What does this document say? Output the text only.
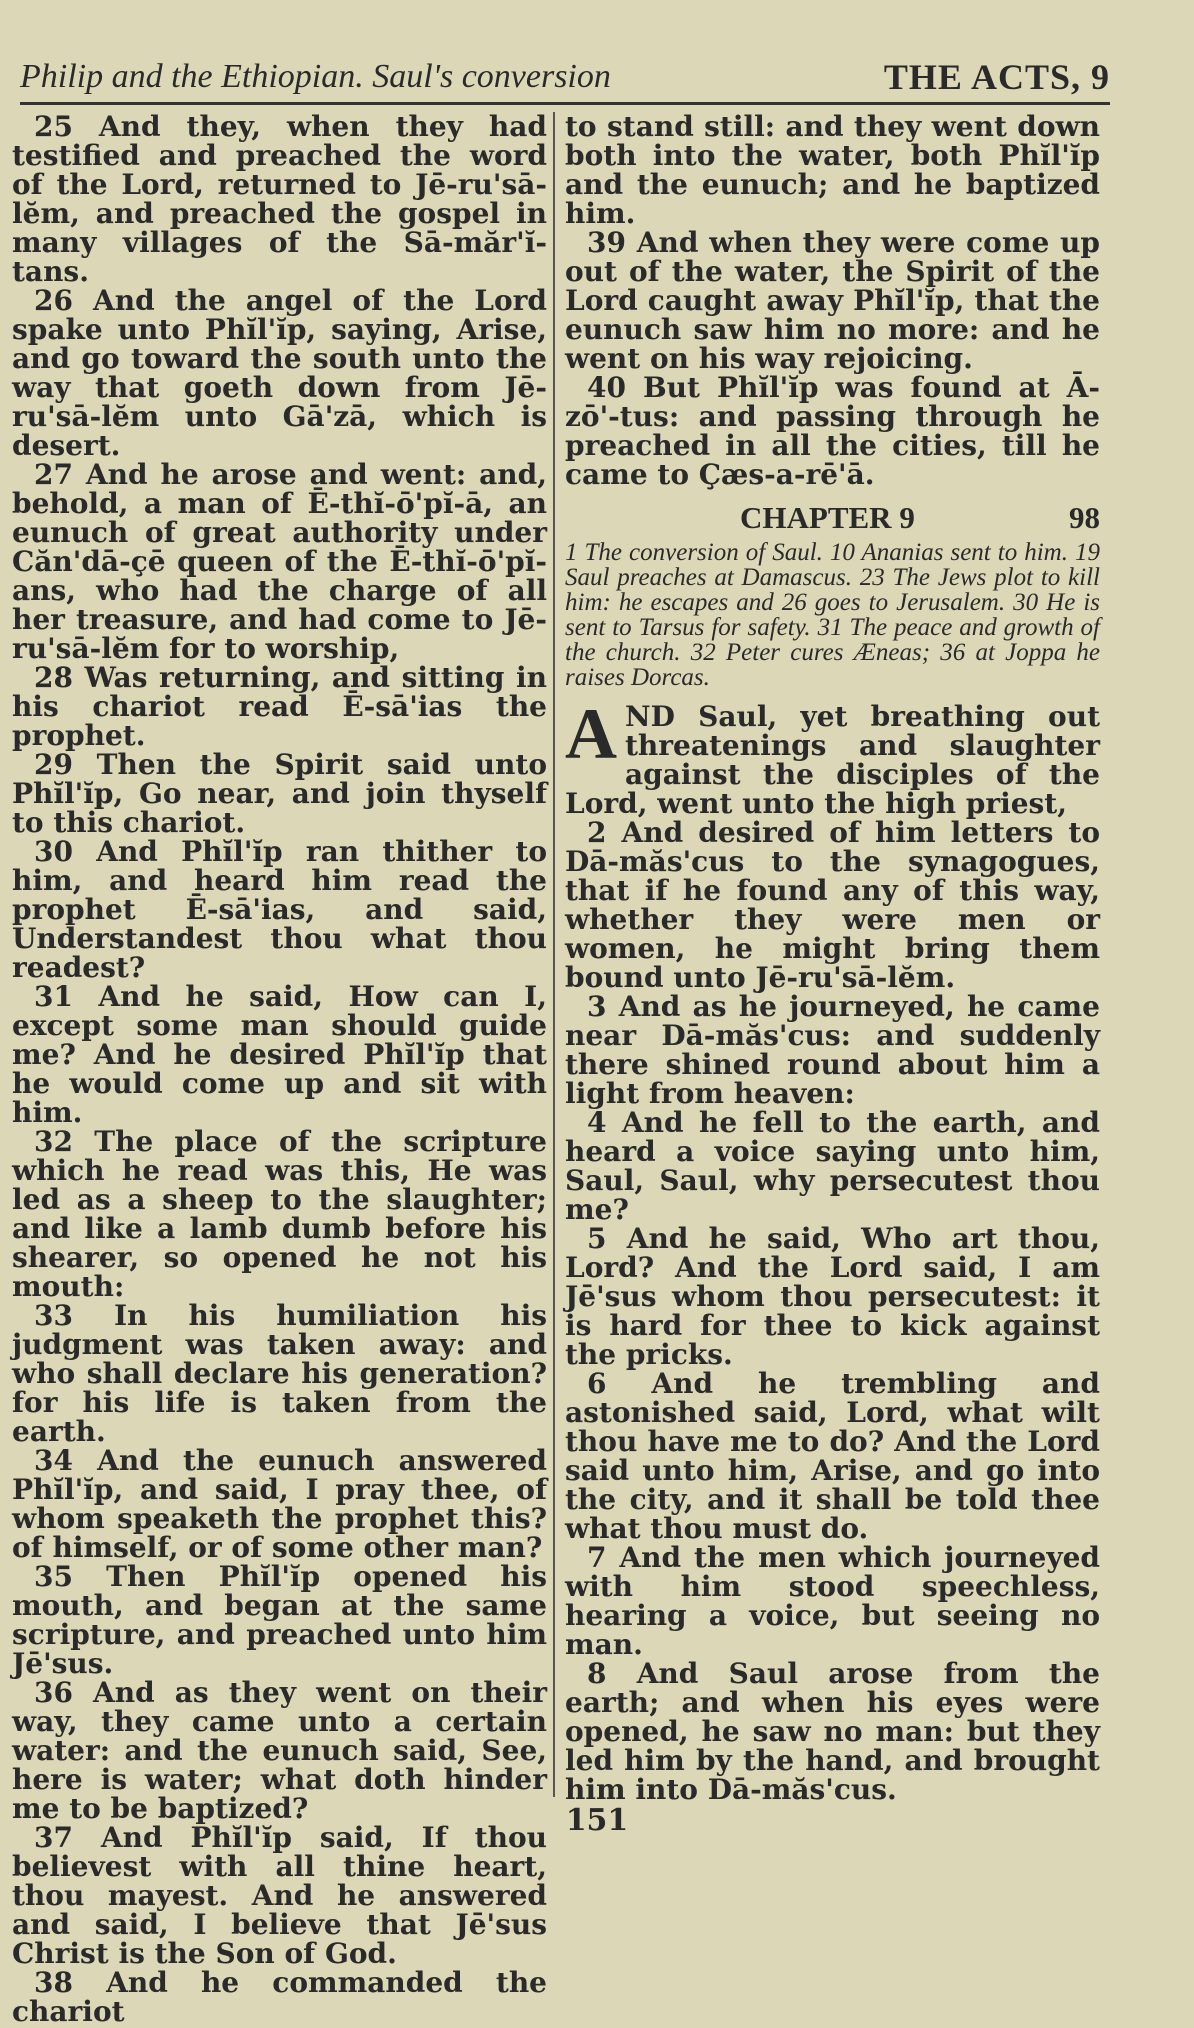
Philip and the Ethiopian. Saul's conversion	THE ACTS, 9

25 And they, when they had testified and preached the word of the Lord, returned to Jē-ru'sā-lĕm, and preached the gospel in many villages of the Sā-măr'ĭ-tans.

26 And the angel of the Lord spake unto Phĭl'ĭp, saying, Arise, and go toward the south unto the way that goeth down from Jē-ru'sā-lĕm unto Gā'zā, which is desert.

27 And he arose and went: and, behold, a man of Ē-thĭ-ō'pĭ-ā, an eunuch of great authority under Căn'dā-çē queen of the Ē-thĭ-ō'pĭ-ans, who had the charge of all her treasure, and had come to Jē-ru'sā-lĕm for to worship,

28 Was returning, and sitting in his chariot read Ē-sā'ias the prophet.

29 Then the Spirit said unto Phĭl'ĭp, Go near, and join thyself to this chariot.

30 And Phĭl'ĭp ran thither to him, and heard him read the prophet Ē-sā'ias, and said, Understandest thou what thou readest?

31 And he said, How can I, except some man should guide me? And he desired Phĭl'ĭp that he would come up and sit with him.

32 The place of the scripture which he read was this, He was led as a sheep to the slaughter; and like a lamb dumb before his shearer, so opened he not his mouth:

33 In his humiliation his judgment was taken away: and who shall declare his generation? for his life is taken from the earth.

34 And the eunuch answered Phĭl'ĭp, and said, I pray thee, of whom speaketh the prophet this? of himself, or of some other man?

35 Then Phĭl'ĭp opened his mouth, and began at the same scripture, and preached unto him Jē'sus.

36 And as they went on their way, they came unto a certain water: and the eunuch said, See, here is water; what doth hinder me to be baptized?

37 And Phĭl'ĭp said, If thou believest with all thine heart, thou mayest. And he answered and said, I believe that Jē'sus Christ is the Son of God.

38 And he commanded the chariot

to stand still: and they went down both into the water, both Phĭl'ĭp and the eunuch; and he baptized him.

39 And when they were come up out of the water, the Spirit of the Lord caught away Phĭl'ĭp, that the eunuch saw him no more: and he went on his way rejoicing.

40 But Phĭl'ĭp was found at Ā-zō'-tus: and passing through he preached in all the cities, till he came to Çæs-a-rē'ā.

CHAPTER 9	98

1 The conversion of Saul. 10 Ananias sent to him. 19 Saul preaches at Damascus. 23 The Jews plot to kill him: he escapes and 26 goes to Jerusalem. 30 He is sent to Tarsus for safety. 31 The peace and growth of the church. 32 Peter cures Æneas; 36 at Joppa he raises Dorcas.

AND Saul, yet breathing out threatenings and slaughter against the disciples of the Lord, went unto the high priest,

2 And desired of him letters to Dā-măs'cus to the synagogues, that if he found any of this way, whether they were men or women, he might bring them bound unto Jē-ru'sā-lĕm.

3 And as he journeyed, he came near Dā-măs'cus: and suddenly there shined round about him a light from heaven:

4 And he fell to the earth, and heard a voice saying unto him, Saul, Saul, why persecutest thou me?

5 And he said, Who art thou, Lord? And the Lord said, I am Jē'sus whom thou persecutest: it is hard for thee to kick against the pricks.

6 And he trembling and astonished said, Lord, what wilt thou have me to do? And the Lord said unto him, Arise, and go into the city, and it shall be told thee what thou must do.

7 And the men which journeyed with him stood speechless, hearing a voice, but seeing no man.

8 And Saul arose from the earth; and when his eyes were opened, he saw no man: but they led him by the hand, and brought him into Dā-măs'cus.

151
